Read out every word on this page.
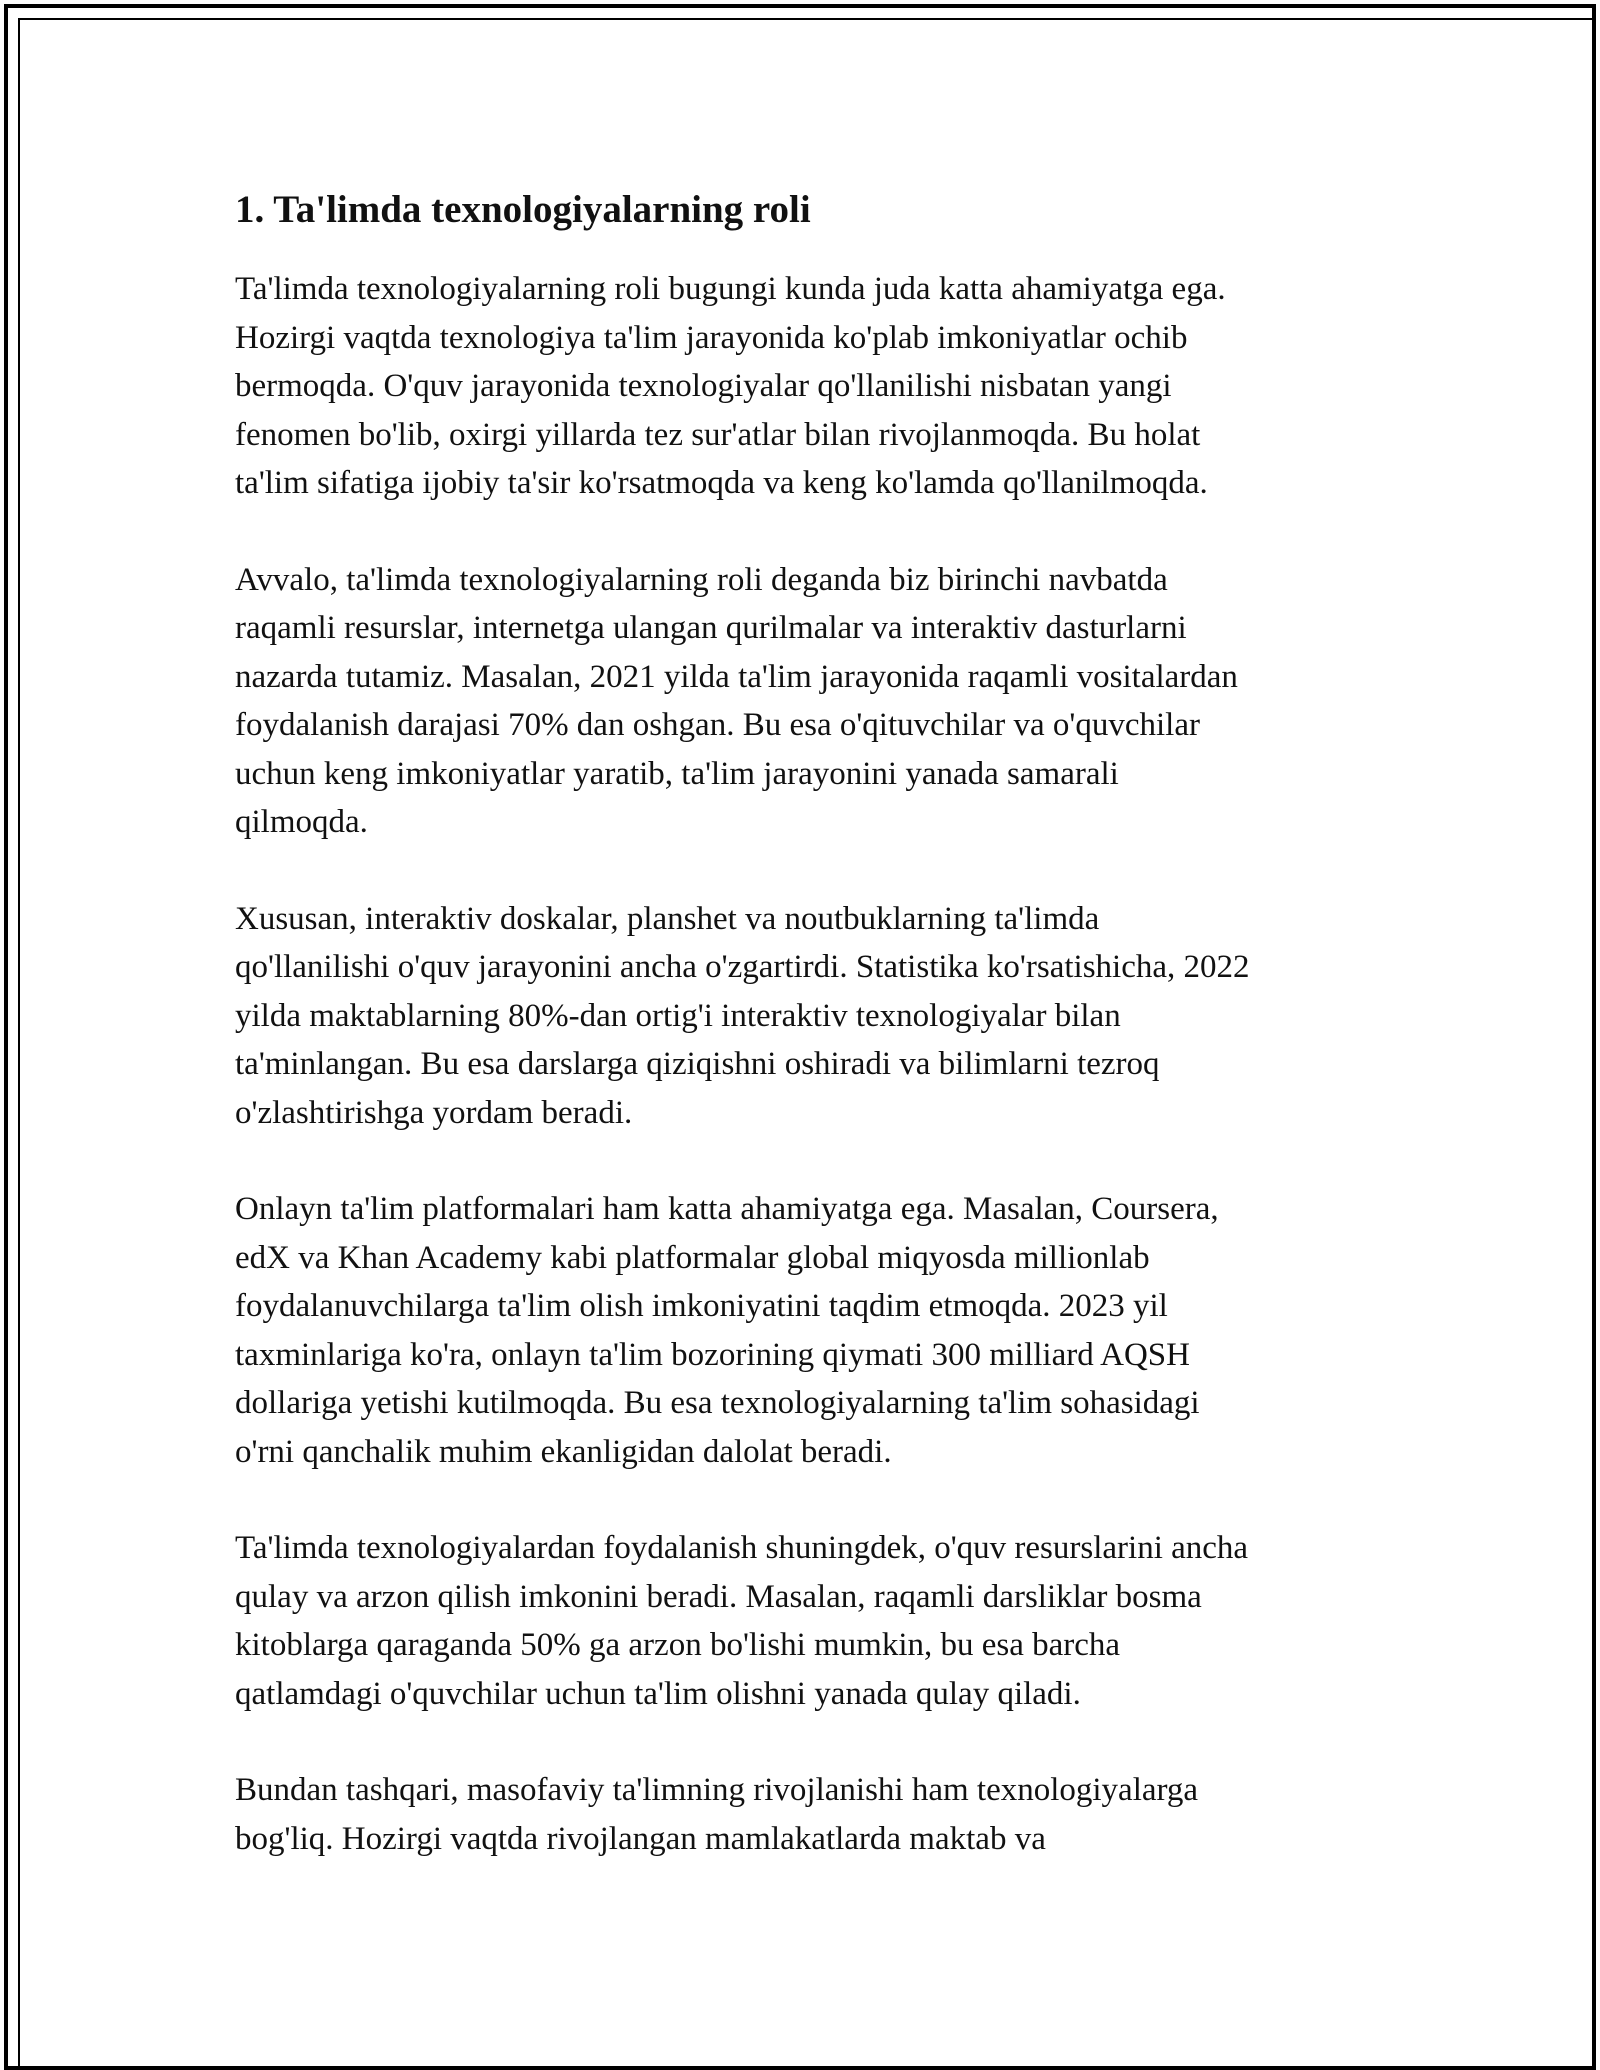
1. Ta'limda texnologiyalarning roli

Ta'limda texnologiyalarning roli bugungi kunda juda katta ahamiyatga ega.
Hozirgi vaqtda texnologiya ta'lim jarayonida ko'plab imkoniyatlar ochib
bermoqda. O'quv jarayonida texnologiyalar qo'llanilishi nisbatan yangi
fenomen bo'lib, oxirgi yillarda tez sur'atlar bilan rivojlanmoqda. Bu holat
ta'lim sifatiga ijobiy ta'sir ko'rsatmoqda va keng ko'lamda qo'llanilmoqda.

Avvalo, ta'limda texnologiyalarning roli deganda biz birinchi navbatda
raqamli resurslar, internetga ulangan qurilmalar va interaktiv dasturlarni
nazarda tutamiz. Masalan, 2021 yilda ta'lim jarayonida raqamli vositalardan
foydalanish darajasi 70% dan oshgan. Bu esa o'qituvchilar va o'quvchilar
uchun keng imkoniyatlar yaratib, ta'lim jarayonini yanada samarali
qilmoqda.

Xususan, interaktiv doskalar, planshet va noutbuklarning ta'limda
qo'llanilishi o'quv jarayonini ancha o'zgartirdi. Statistika ko'rsatishicha, 2022
yilda maktablarning 80%-dan ortig'i interaktiv texnologiyalar bilan
ta'minlangan. Bu esa darslarga qiziqishni oshiradi va bilimlarni tezroq
o'zlashtirishga yordam beradi.

Onlayn ta'lim platformalari ham katta ahamiyatga ega. Masalan, Coursera,
edX va Khan Academy kabi platformalar global miqyosda millionlab
foydalanuvchilarga ta'lim olish imkoniyatini taqdim etmoqda. 2023 yil
taxminlariga ko'ra, onlayn ta'lim bozorining qiymati 300 milliard AQSH
dollariga yetishi kutilmoqda. Bu esa texnologiyalarning ta'lim sohasidagi
o'rni qanchalik muhim ekanligidan dalolat beradi.

Ta'limda texnologiyalardan foydalanish shuningdek, o'quv resurslarini ancha
qulay va arzon qilish imkonini beradi. Masalan, raqamli darsliklar bosma
kitoblarga qaraganda 50% ga arzon bo'lishi mumkin, bu esa barcha
qatlamdagi o'quvchilar uchun ta'lim olishni yanada qulay qiladi.

Bundan tashqari, masofaviy ta'limning rivojlanishi ham texnologiyalarga
bog'liq. Hozirgi vaqtda rivojlangan mamlakatlarda maktab va
